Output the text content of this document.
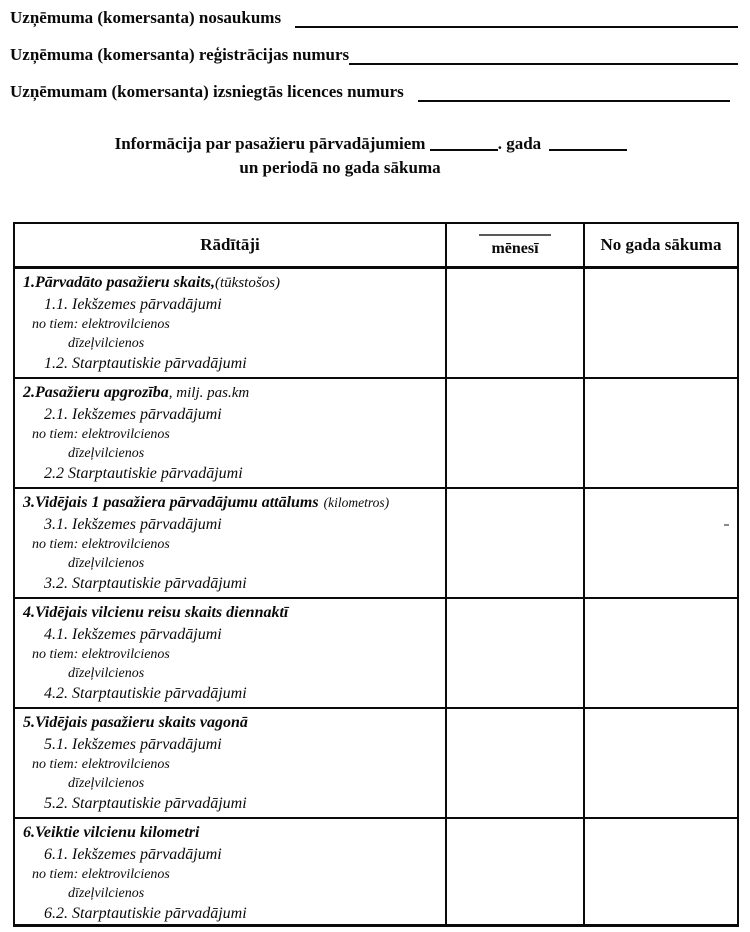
Uzņēmuma (komersanta) nosaukums
Uzņēmuma (komersanta) reģistrācijas numurs
Uzņēmumam (komersanta) izsniegtās licences numurs
Informācija par pasažieru pārvadājumiem	. gada
un periodā no gada sākuma
Rādītāji	mēnesī	No gada sākuma

1.Pārvadāto pasažieru skaits,(tūkstošos)
1.1. Iekšzemes pārvadājumi
no tiem: elektrovilcienos
dīzeļvilcienos
1.2. Starptautiskie pārvadājumi		

2.Pasažieru apgrozība, milj. pas.km
2.1. Iekšzemes pārvadājumi
no tiem: elektrovilcienos
dīzeļvilcienos
2.2 Starptautiskie pārvadājumi		

3.Vidējais 1 pasažiera pārvadājumu attālums (kilometros)
3.1. Iekšzemes pārvadājumi
no tiem: elektrovilcienos
dīzeļvilcienos
3.2. Starptautiskie pārvadājumi		

4.Vidējais vilcienu reisu skaits diennaktī
4.1. Iekšzemes pārvadājumi
no tiem: elektrovilcienos
dīzeļvilcienos
4.2. Starptautiskie pārvadājumi		

5.Vidējais pasažieru skaits vagonā
5.1. Iekšzemes pārvadājumi
no tiem: elektrovilcienos
dīzeļvilcienos
5.2. Starptautiskie pārvadājumi		

6.Veiktie vilcienu kilometri
6.1. Iekšzemes pārvadājumi
no tiem: elektrovilcienos
dīzeļvilcienos
6.2. Starptautiskie pārvadājumi		
